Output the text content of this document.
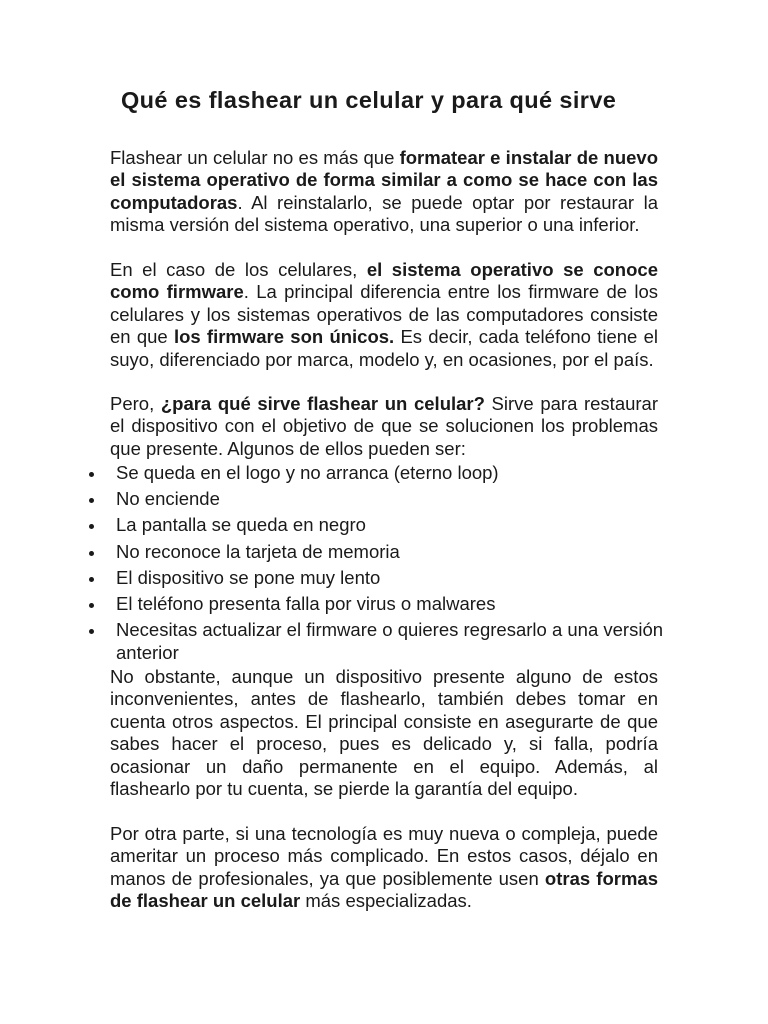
Qué es flashear un celular y para qué sirve

Flashear un celular no es más que formatear e instalar de nuevo el sistema operativo de forma similar a como se hace con las computadoras. Al reinstalarlo, se puede optar por restaurar la misma versión del sistema operativo, una superior o una inferior.

En el caso de los celulares, el sistema operativo se conoce como firmware. La principal diferencia entre los firmware de los celulares y los sistemas operativos de las computadores consiste en que los firmware son únicos. Es decir, cada teléfono tiene el suyo, diferenciado por marca, modelo y, en ocasiones, por el país.

Pero, ¿para qué sirve flashear un celular? Sirve para restaurar el dispositivo con el objetivo de que se solucionen los problemas que presente. Algunos de ellos pueden ser:

Se queda en el logo y no arranca (eterno loop)
No enciende
La pantalla se queda en negro
No reconoce la tarjeta de memoria
El dispositivo se pone muy lento
El teléfono presenta falla por virus o malwares
Necesitas actualizar el firmware o quieres regresarlo a una versión anterior

No obstante, aunque un dispositivo presente alguno de estos inconvenientes, antes de flashearlo, también debes tomar en cuenta otros aspectos. El principal consiste en asegurarte de que sabes hacer el proceso, pues es delicado y, si falla, podría ocasionar un daño permanente en el equipo. Además, al flashearlo por tu cuenta, se pierde la garantía del equipo.

Por otra parte, si una tecnología es muy nueva o compleja, puede ameritar un proceso más complicado. En estos casos, déjalo en manos de profesionales, ya que posiblemente usen otras formas de flashear un celular más especializadas.
